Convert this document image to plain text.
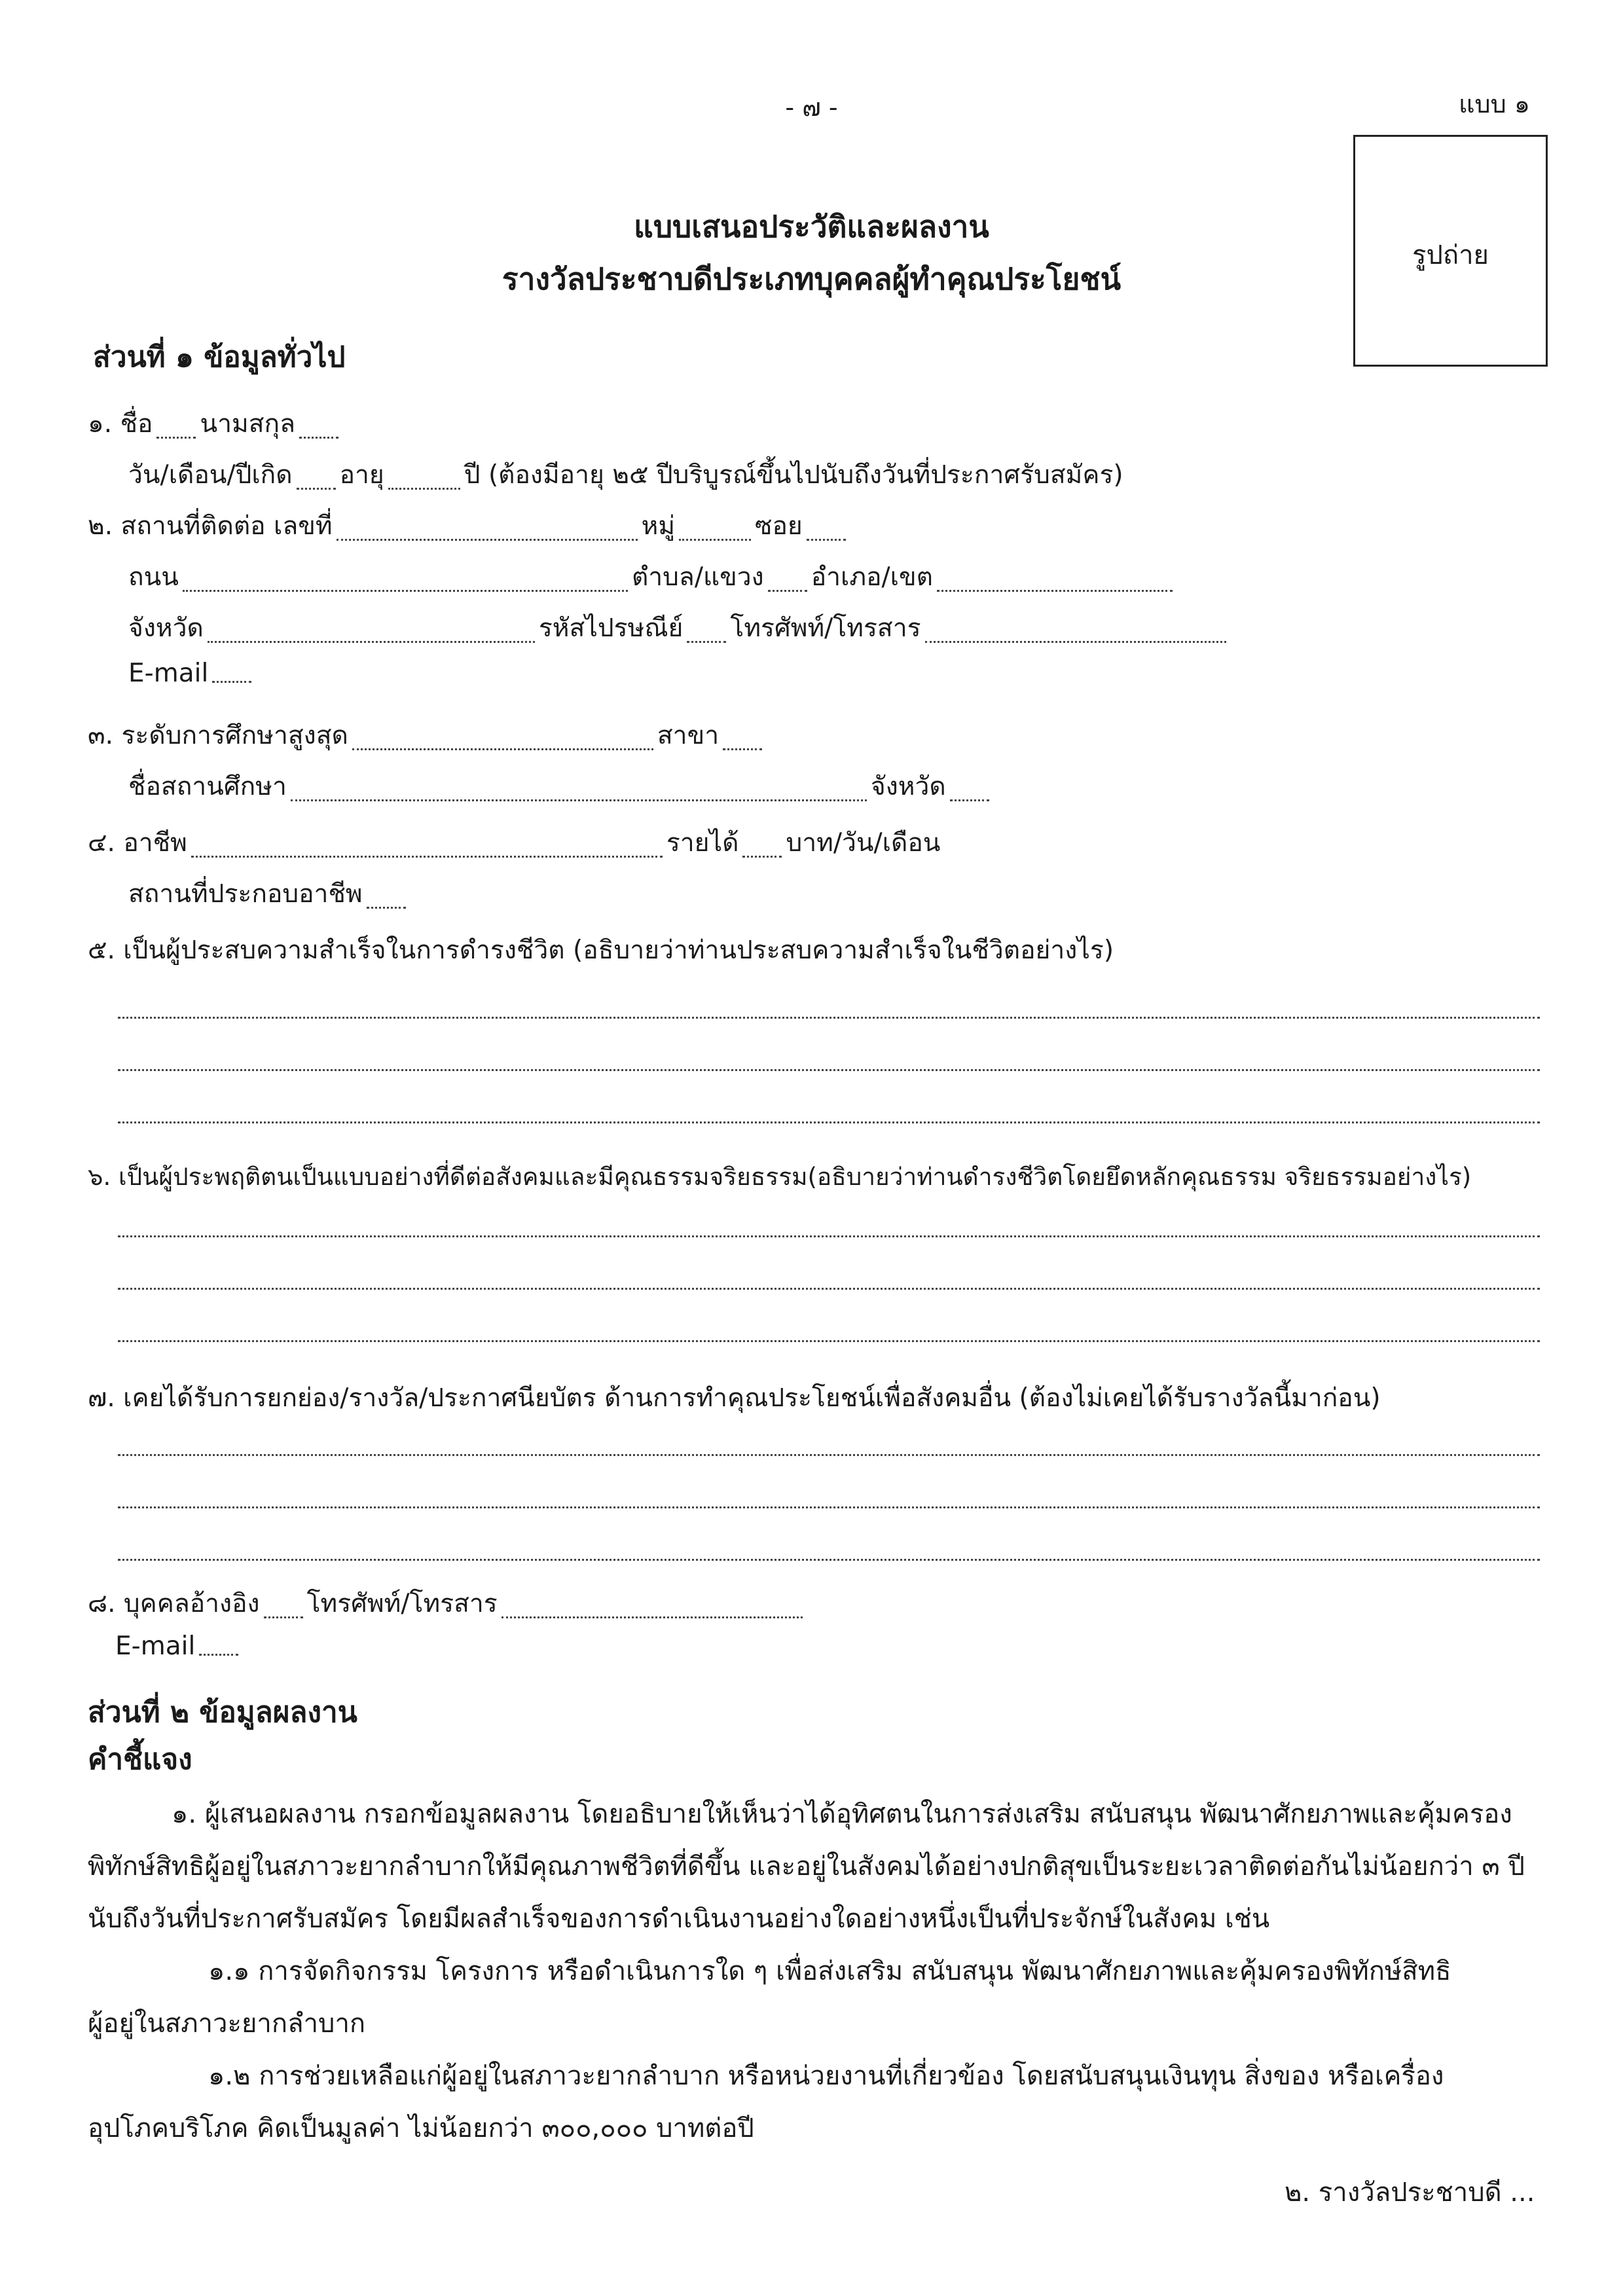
- ๗ -	แบบ ๑
รูปถ่าย
แบบเสนอประวัติและผลงาน
รางวัลประชาบดีประเภทบุคคลผู้ทำคุณประโยชน์
ส่วนที่ ๑ ข้อมูลทั่วไป
๑.
ชื่อ นามสกุล
วัน/เดือน/ปีเกิด อายุ	ปี (ต้องมีอายุ ๒๕ ปีบริบูรณ์ขึ้นไปนับถึงวันที่ประกาศรับสมัคร)
๒.
สถานที่ติดต่อ เลขที่	หมู่	ซอย
ถนน	ตำบล/แขวง อำเภอ/เขต
จังหวัด	รหัสไปรษณีย์ โทรศัพท์/โทรสาร
E-mail
๓.
ระดับการศึกษาสูงสุด	สาขา
ชื่อสถานศึกษา	จังหวัด
๔.
อาชีพ	รายได้ บาท/วัน/เดือน
สถานที่ประกอบอาชีพ
๕. เป็นผู้ประสบความสำเร็จในการดำรงชีวิต (อธิบายว่าท่านประสบความสำเร็จในชีวิตอย่างไร)
๖. เป็นผู้ประพฤติตนเป็นแบบอย่างที่ดีต่อสังคมและมีคุณธรรมจริยธรรม(อธิบายว่าท่านดำรงชีวิตโดยยึดหลักคุณธรรม จริยธรรมอย่างไร)
๗. เคยได้รับการยกย่อง/รางวัล/ประกาศนียบัตร ด้านการทำคุณประโยชน์เพื่อสังคมอื่น (ต้องไม่เคยได้รับรางวัลนี้มาก่อน)
๘.
บุคคลอ้างอิง โทรศัพท์/โทรสาร
E-mail
ส่วนที่ ๒ ข้อมูลผลงาน
คำชี้แจง
๑. ผู้เสนอผลงาน กรอกข้อมูลผลงาน โดยอธิบายให้เห็นว่าได้อุทิศตนในการส่งเสริม สนับสนุน พัฒนาศักยภาพและคุ้มครอง
พิทักษ์สิทธิผู้อยู่ในสภาวะยากลำบากให้มีคุณภาพชีวิตที่ดีขึ้น และอยู่ในสังคมได้อย่างปกติสุขเป็นระยะเวลาติดต่อกันไม่น้อยกว่า ๓ ปี
นับถึงวันที่ประกาศรับสมัคร โดยมีผลสำเร็จของการดำเนินงานอย่างใดอย่างหนึ่งเป็นที่ประจักษ์ในสังคม เช่น
๑.๑ การจัดกิจกรรม โครงการ หรือดำเนินการใด ๆ เพื่อส่งเสริม สนับสนุน พัฒนาศักยภาพและคุ้มครองพิทักษ์สิทธิ
ผู้อยู่ในสภาวะยากลำบาก
๑.๒ การช่วยเหลือแก่ผู้อยู่ในสภาวะยากลำบาก หรือหน่วยงานที่เกี่ยวข้อง โดยสนับสนุนเงินทุน สิ่งของ หรือเครื่อง
อุปโภคบริโภค คิดเป็นมูลค่า ไม่น้อยกว่า ๓๐๐,๐๐๐ บาทต่อปี
๒. รางวัลประชาบดี ...
